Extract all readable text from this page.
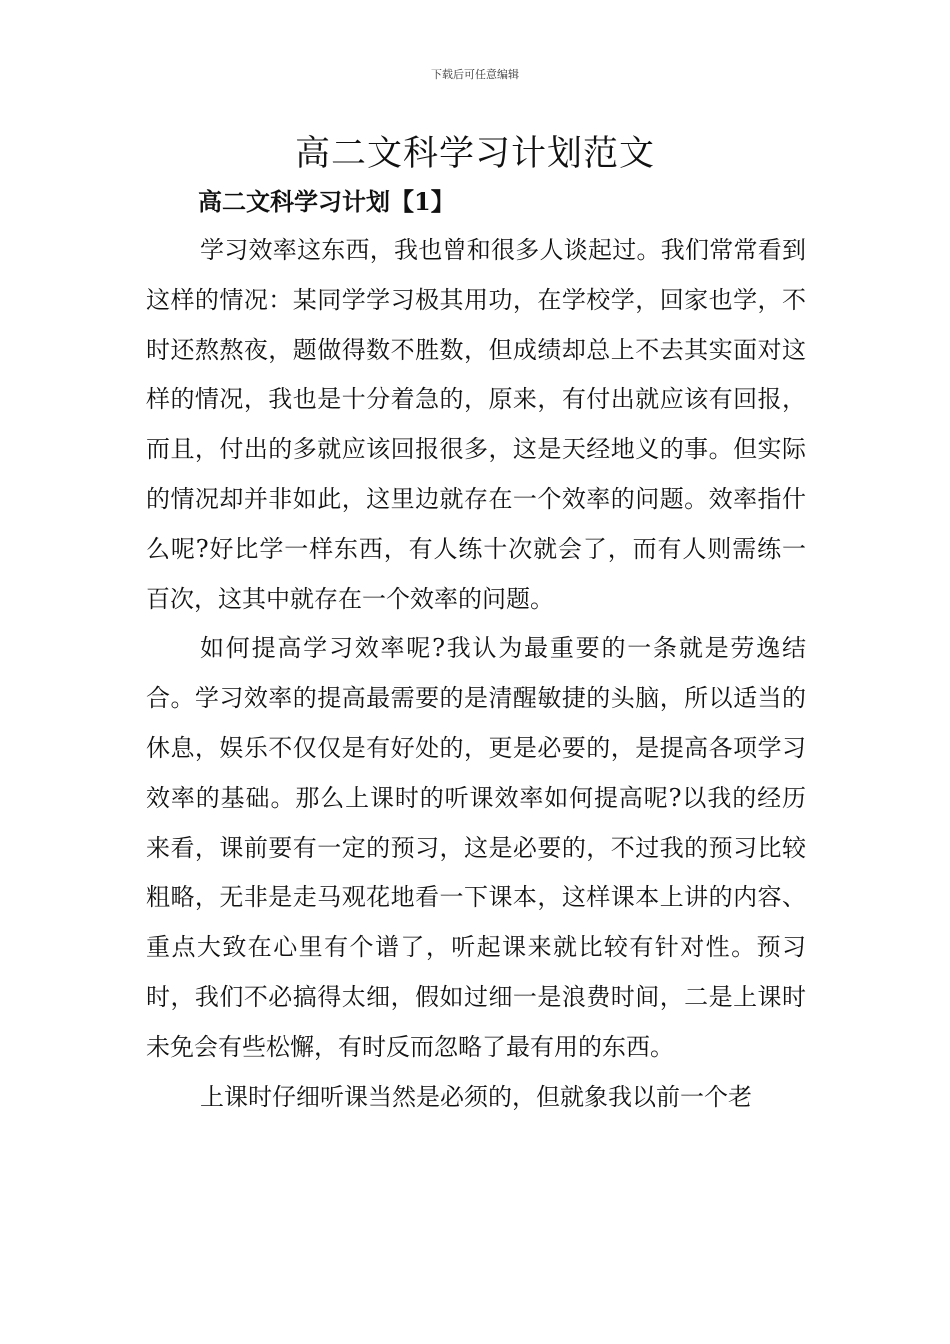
下载后可任意编辑
高二文科学习计划范文
高二文科学习计划【1】

学习效率这东西，我也曾和很多人谈起过。我们常常看到这样的情况：某同学学习极其用功，在学校学，回家也学，不时还熬熬夜，题做得数不胜数，但成绩却总上不去其实面对这样的情况，我也是十分着急的，原来，有付出就应该有回报，而且，付出的多就应该回报很多，这是天经地义的事。但实际的情况却并非如此，这里边就存在一个效率的问题。效率指什么呢?好比学一样东西，有人练十次就会了，而有人则需练一百次，这其中就存在一个效率的问题。

如何提高学习效率呢?我认为最重要的一条就是劳逸结合。学习效率的提高最需要的是清醒敏捷的头脑，所以适当的休息，娱乐不仅仅是有好处的，更是必要的，是提高各项学习效率的基础。那么上课时的听课效率如何提高呢?以我的经历来看，课前要有一定的预习，这是必要的，不过我的预习比较粗略，无非是走马观花地看一下课本，这样课本上讲的内容、重点大致在心里有个谱了，听起课来就比较有针对性。预习时，我们不必搞得太细，假如过细一是浪费时间，二是上课时未免会有些松懈，有时反而忽略了最有用的东西。

上课时仔细听课当然是必须的，但就象我以前一个老
